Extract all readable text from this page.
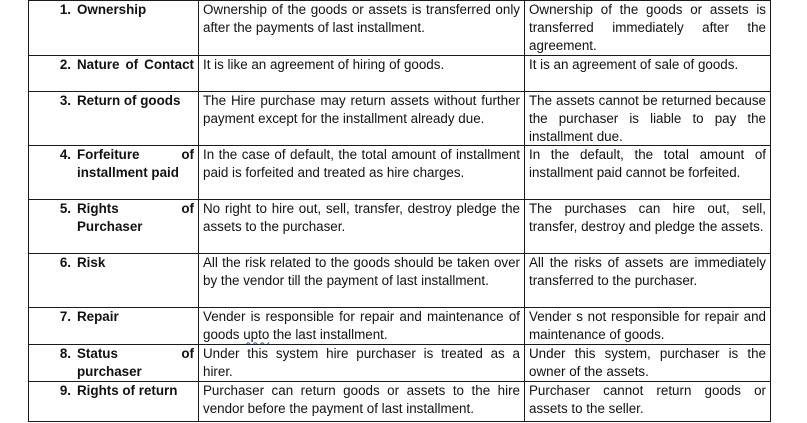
1. Ownership	Ownership of the goods or assets is transferred only after the payments of last installment.	Ownership of the goods or assets is transferred immediately after the agreement.

2. Nature of Contact	It is like an agreement of hiring of goods.	It is an agreement of sale of goods.
3. Return of goods	The Hire purchase may return assets without further payment except for the installment already due.	The assets cannot be returned because the purchaser is liable to pay the installment due.

4. Forfeiture of installment paid	In the case of default, the total amount of installment paid is forfeited and treated as hire charges.	In the default, the total amount of installment paid cannot be forfeited.

5. Rights of Purchaser	No right to hire out, sell, transfer, destroy pledge the assets to the purchaser.	The purchases can hire out, sell, transfer, destroy and pledge the assets.
6. Risk	All the risk related to the goods should be taken over by the vendor till the payment of last installment.	All the risks of assets are immediately transferred to the purchaser.
7. Repair	Vender is responsible for repair and maintenance of goods upto the last installment.	Vender s not responsible for repair and maintenance of goods.

8. Status of purchaser	Under this system hire purchaser is treated as a hirer.	Under this system, purchaser is the owner of the assets.
9. Rights of return	Purchaser can return goods or assets to the hire vendor before the payment of last installment.	Purchaser cannot return goods or assets to the seller.
